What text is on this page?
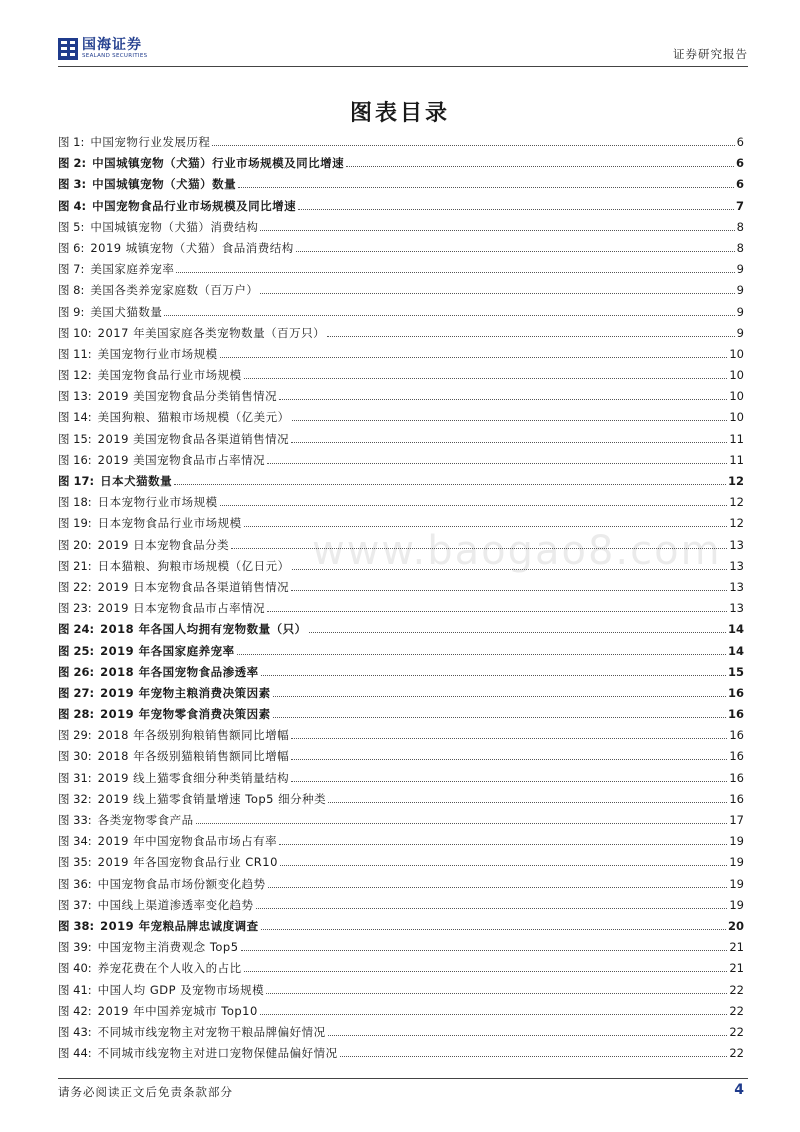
国海证券
SEALAND SECURITIES	证券研究报告
图表目录
图 1: 中国宠物行业发展历程	6
图 2: 中国城镇宠物（犬猫）行业市场规模及同比增速	6
图 3: 中国城镇宠物（犬猫）数量	6
图 4: 中国宠物食品行业市场规模及同比增速	7
图 5: 中国城镇宠物（犬猫）消费结构	8
图 6: 2019 城镇宠物（犬猫）食品消费结构	8
图 7: 美国家庭养宠率	9
图 8: 美国各类养宠家庭数（百万户）	9
图 9: 美国犬猫数量	9
图 10: 2017 年美国家庭各类宠物数量（百万只）	9
图 11: 美国宠物行业市场规模	10
图 12: 美国宠物食品行业市场规模	10
图 13: 2019 美国宠物食品分类销售情况	10
图 14: 美国狗粮、猫粮市场规模（亿美元）	10
图 15: 2019 美国宠物食品各渠道销售情况	11
图 16: 2019 美国宠物食品市占率情况	11
图 17: 日本犬猫数量	12
图 18: 日本宠物行业市场规模	12
图 19: 日本宠物食品行业市场规模	12
图 20: 2019 日本宠物食品分类	13
图 21: 日本猫粮、狗粮市场规模（亿日元）	13
图 22: 2019 日本宠物食品各渠道销售情况	13
图 23: 2019 日本宠物食品市占率情况	13
图 24: 2018 年各国人均拥有宠物数量（只）	14
图 25: 2019 年各国家庭养宠率	14
图 26: 2018 年各国宠物食品渗透率	15
图 27: 2019 年宠物主粮消费决策因素	16
图 28: 2019 年宠物零食消费决策因素	16
图 29: 2018 年各级别狗粮销售额同比增幅	16
图 30: 2018 年各级别猫粮销售额同比增幅	16
图 31: 2019 线上猫零食细分种类销量结构	16
图 32: 2019 线上猫零食销量增速 Top5 细分种类	16
图 33: 各类宠物零食产品	17
图 34: 2019 年中国宠物食品市场占有率	19
图 35: 2019 年各国宠物食品行业 CR10	19
图 36: 中国宠物食品市场份额变化趋势	19
图 37: 中国线上渠道渗透率变化趋势	19
图 38: 2019 年宠粮品牌忠诚度调查	20
图 39: 中国宠物主消费观念 Top5	21
图 40: 养宠花费在个人收入的占比	21
图 41: 中国人均 GDP 及宠物市场规模	22
图 42: 2019 年中国养宠城市 Top10	22
图 43: 不同城市线宠物主对宠物干粮品牌偏好情况	22
图 44: 不同城市线宠物主对进口宠物保健品偏好情况	22
www.baogao8.com
请务必阅读正文后免责条款部分	4
